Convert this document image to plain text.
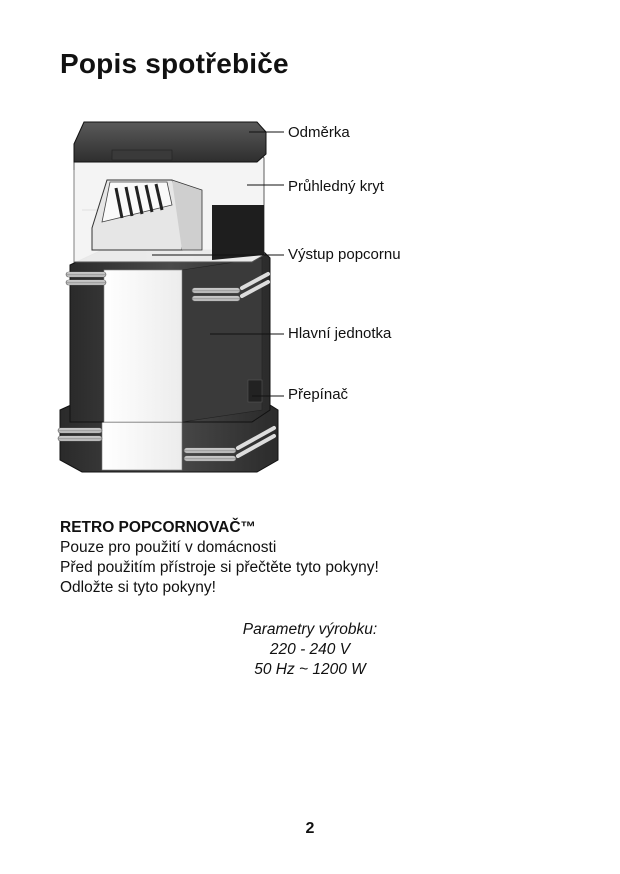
Popis spotřebiče
Odměrka
Průhledný kryt
Výstup popcornu
Hlavní jednotka
Přepínač
RETRO POPCORNOVAČ™
Pouze pro použití v domácnosti
Před použitím přístroje si přečtěte tyto pokyny!
Odložte si tyto pokyny!
Parametry výrobku:
220 - 240 V
50 Hz ~ 1200 W
2
